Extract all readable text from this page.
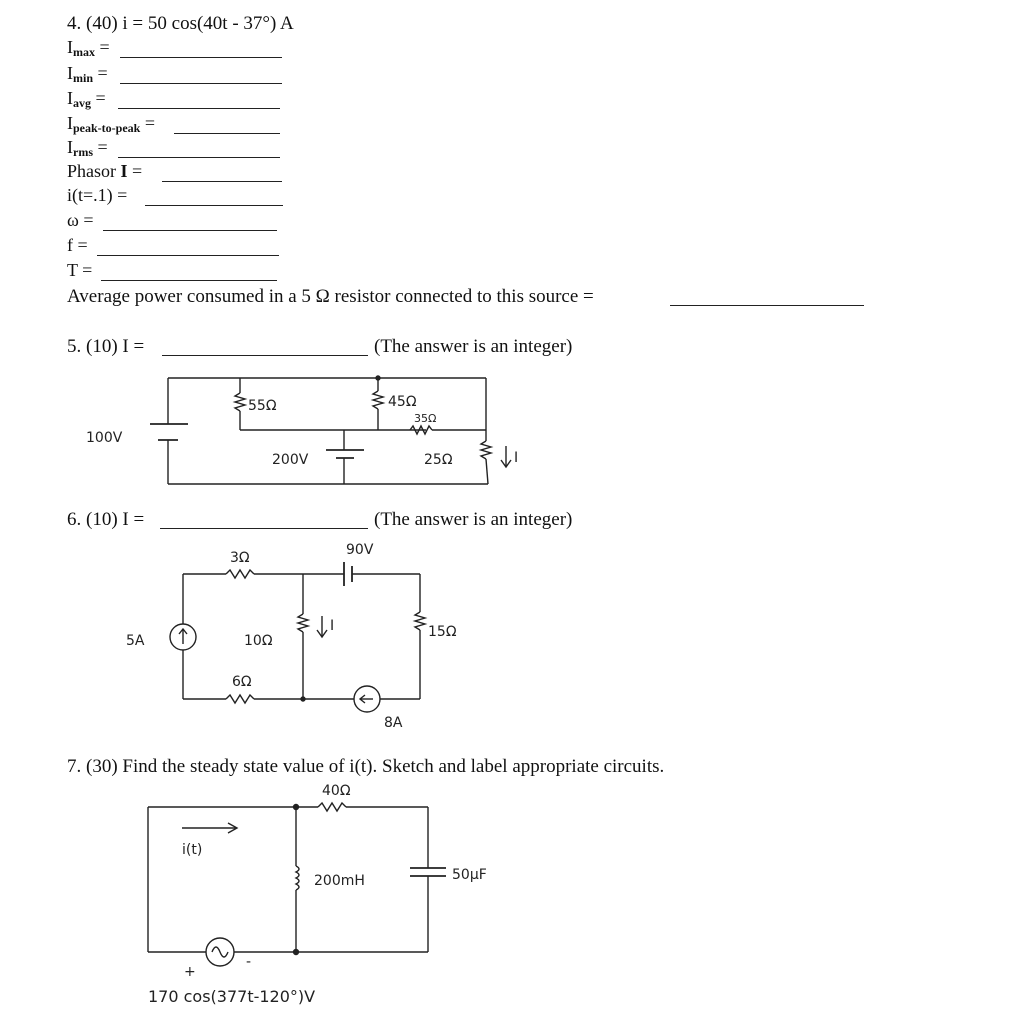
4. (40) i = 50 cos(40t - 37°) A
$I_{max}$ =
$I_{min}$ =
$I_{avg}$ =
$I_{peak-to-peak}$ =
$I_{rms}$ =
Phasor I =
i(t=.1) =
ω =
f =
T =
Average power consumed in a 5 Ω resistor connected to this source =
5. (10) I =	(The answer is an integer)
100V
55Ω	45Ω
35Ω
200V	25Ω	I
6. (10) I =	(The answer is an integer)
3Ω	90V
5A	10Ω
I	15Ω
6Ω
8A
7. (30) Find the steady state value of i(t). Sketch and label appropriate circuits.
40Ω
i(t)
200mH	50μF
+
-
170 cos(377t-120°)V
